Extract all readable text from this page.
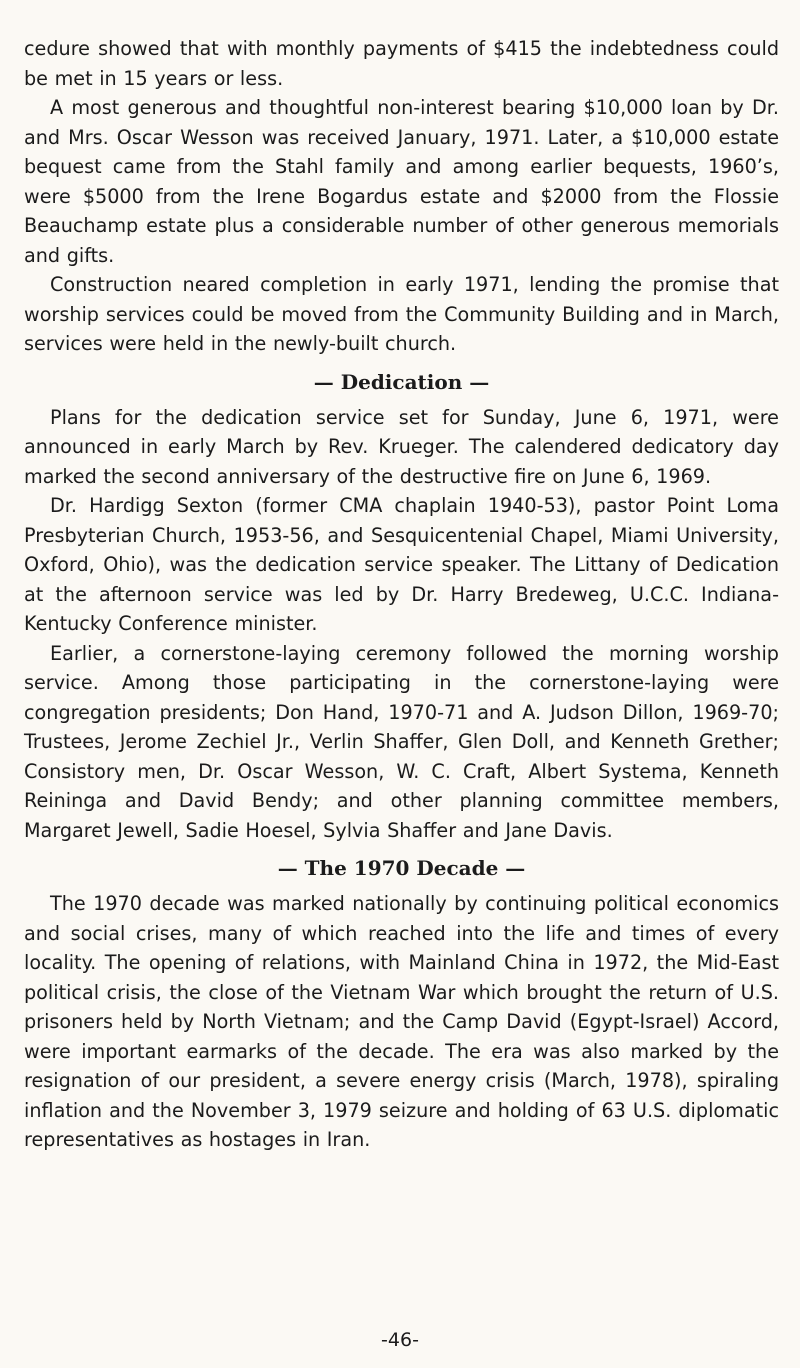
cedure showed that with monthly payments of $415 the indebtedness could be met in 15 years or less.

A most generous and thoughtful non-interest bearing $10,000 loan by Dr. and Mrs. Oscar Wesson was received January, 1971. Later, a $10,000 estate bequest came from the Stahl family and among earlier bequests, 1960’s, were $5000 from the Irene Bogardus estate and $2000 from the Flossie Beauchamp estate plus a considerable number of other generous memorials and gifts.

Construction neared completion in early 1971, lending the promise that worship services could be moved from the Community Building and in March, services were held in the newly-built church.

— Dedication —

Plans for the dedication service set for Sunday, June 6, 1971, were announced in early March by Rev. Krueger. The calendered dedicatory day marked the second anniversary of the destructive fire on June 6, 1969.

Dr. Hardigg Sexton (former CMA chaplain 1940-53), pastor Point Loma Presbyterian Church, 1953-56, and Sesquicentenial Chapel, Miami University, Oxford, Ohio), was the dedication service speaker. The Littany of Dedication at the afternoon service was led by Dr. Harry Bredeweg, U.C.C. Indiana-Kentucky Conference minister.

Earlier, a cornerstone-laying ceremony followed the morning worship service. Among those participating in the cornerstone-laying were congregation presidents; Don Hand, 1970-71 and A. Judson Dillon, 1969-70; Trustees, Jerome Zechiel Jr., Verlin Shaffer, Glen Doll, and Kenneth Grether; Consistory men, Dr. Oscar Wesson, W. C. Craft, Albert Systema, Kenneth Reininga and David Bendy; and other planning committee members, Margaret Jewell, Sadie Hoesel, Sylvia Shaffer and Jane Davis.

— The 1970 Decade —

The 1970 decade was marked nationally by continuing political economics and social crises, many of which reached into the life and times of every locality. The opening of relations, with Mainland China in 1972, the Mid-East political crisis, the close of the Vietnam War which brought the return of U.S. prisoners held by North Vietnam; and the Camp David (Egypt-Israel) Accord, were important earmarks of the decade. The era was also marked by the resignation of our president, a severe energy crisis (March, 1978), spiraling inflation and the November 3, 1979 seizure and holding of 63 U.S. diplomatic representatives as hostages in Iran.

-46-
